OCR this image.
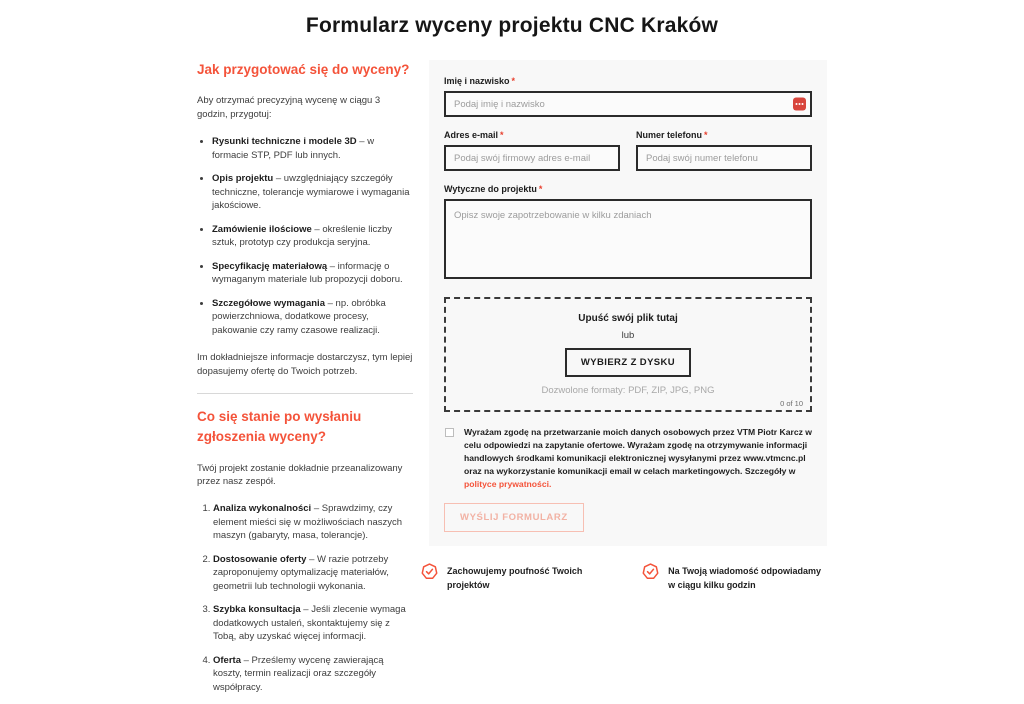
Formularz wyceny projektu CNC Kraków
Jak przygotować się do wyceny?

Aby otrzymać precyzyjną wycenę w ciągu 3 godzin, przygotuj:

• Rysunki techniczne i modele 3D – w formacie STP, PDF lub innych.
• Opis projektu – uwzględniający szczegóły techniczne, tolerancje wymiarowe i wymagania jakościowe.
• Zamówienie ilościowe – określenie liczby sztuk, prototyp czy produkcja seryjna.
• Specyfikację materiałową – informację o wymaganym materiale lub propozycji doboru.
• Szczegółowe wymagania – np. obróbka powierzchniowa, dodatkowe procesy, pakowanie czy ramy czasowe realizacji.

Im dokładniejsze informacje dostarczysz, tym lepiej dopasujemy ofertę do Twoich potrzeb.

Co się stanie po wysłaniu zgłoszenia wyceny?

Twój projekt zostanie dokładnie przeanalizowany przez nasz zespół.

1. Analiza wykonalności – Sprawdzimy, czy element mieści się w możliwościach naszych maszyn (gabaryty, masa, tolerancje).
2. Dostosowanie oferty – W razie potrzeby zaproponujemy optymalizację materiałów, geometrii lub technologii wykonania.
3. Szybka konsultacja – Jeśli zlecenie wymaga dodatkowych ustaleń, skontaktujemy się z Tobą, aby uzyskać więcej informacji.
4. Oferta – Prześlemy wycenę zawierającą koszty, termin realizacji oraz szczegóły współpracy.
Imię i nazwisko *
Podaj imię i nazwisko
Adres e-mail *
Podaj swój firmowy adres e-mail	Numer telefonu *
Podaj swój numer telefonu
Wytyczne do projektu *
Opisz swoje zapotrzebowanie w kilku zdaniach
Upuść swój plik tutaj
lub
WYBIERZ Z DYSKU
Dozwolone formaty: PDF, ZIP, JPG, PNG
0 of 10
Wyrażam zgodę na przetwarzanie moich danych osobowych przez VTM Piotr Karcz w celu odpowiedzi na zapytanie ofertowe. Wyrażam zgodę na otrzymywanie informacji handlowych środkami komunikacji elektronicznej wysyłanymi przez www.vtmcnc.pl oraz na wykorzystanie komunikacji email w celach marketingowych. Szczegóły w polityce prywatności.
WYŚLIJ FORMULARZ
Zachowujemy poufność Twoich projektów
Na Twoją wiadomość odpowiadamy w ciągu kilku godzin
